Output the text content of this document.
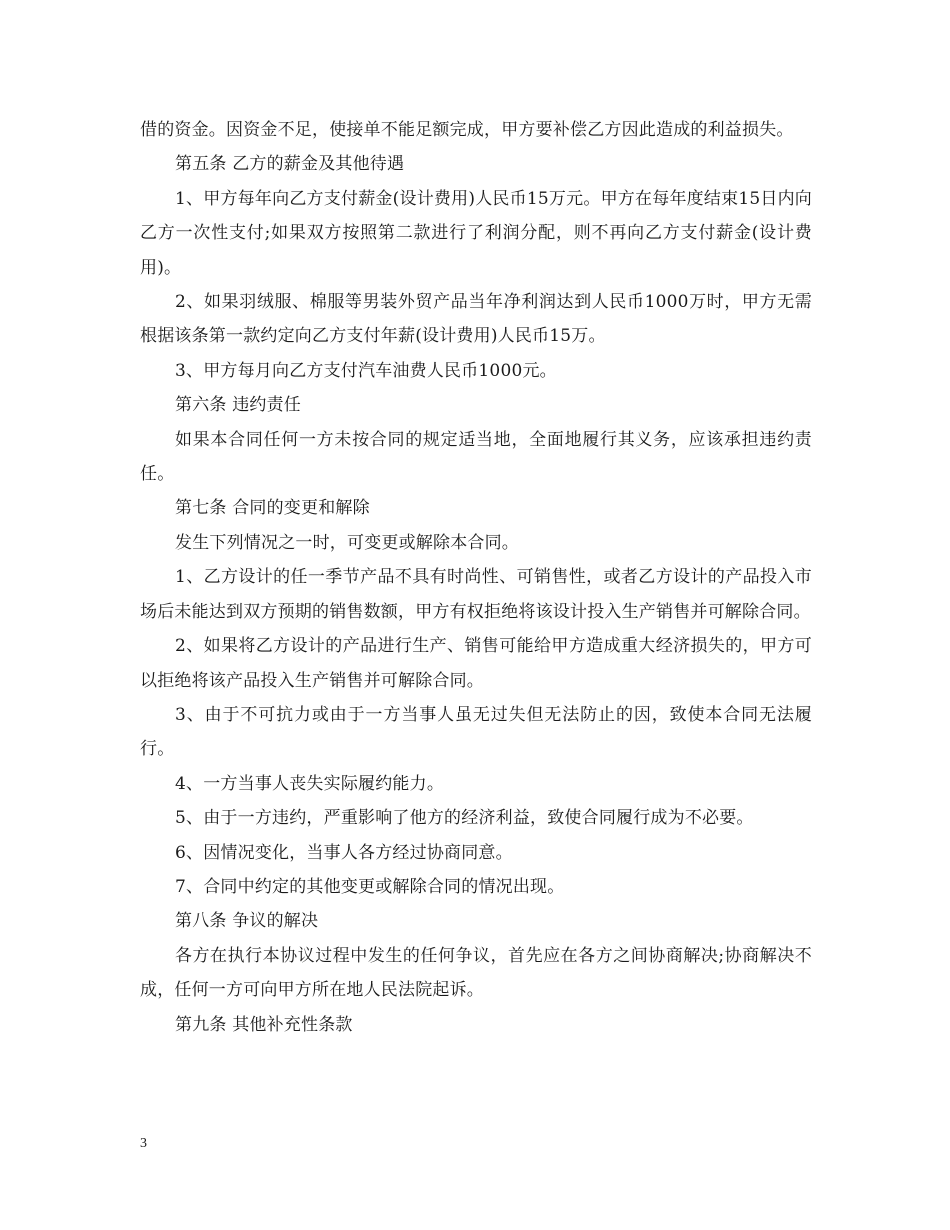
借的资金。因资金不足，使接单不能足额完成，甲方要补偿乙方因此造成的利益损失。

第五条 乙方的薪金及其他待遇

1、甲方每年向乙方支付薪金(设计费用)人民币15万元。甲方在每年度结束15日内向乙方一次性支付;如果双方按照第二款进行了利润分配，则不再向乙方支付薪金(设计费用)。

2、如果羽绒服、棉服等男装外贸产品当年净利润达到人民币1000万时，甲方无需根据该条第一款约定向乙方支付年薪(设计费用)人民币15万。

3、甲方每月向乙方支付汽车油费人民币1000元。

第六条 违约责任

如果本合同任何一方未按合同的规定适当地，全面地履行其义务，应该承担违约责任。

第七条 合同的变更和解除

发生下列情况之一时，可变更或解除本合同。

1、乙方设计的任一季节产品不具有时尚性、可销售性，或者乙方设计的产品投入市场后未能达到双方预期的销售数额，甲方有权拒绝将该设计投入生产销售并可解除合同。

2、如果将乙方设计的产品进行生产、销售可能给甲方造成重大经济损失的，甲方可以拒绝将该产品投入生产销售并可解除合同。

3、由于不可抗力或由于一方当事人虽无过失但无法防止的因，致使本合同无法履行。

4、一方当事人丧失实际履约能力。

5、由于一方违约，严重影响了他方的经济利益，致使合同履行成为不必要。

6、因情况变化，当事人各方经过协商同意。

7、合同中约定的其他变更或解除合同的情况出现。

第八条 争议的解决

各方在执行本协议过程中发生的任何争议，首先应在各方之间协商解决;协商解决不成，任何一方可向甲方所在地人民法院起诉。

第九条 其他补充性条款

3
